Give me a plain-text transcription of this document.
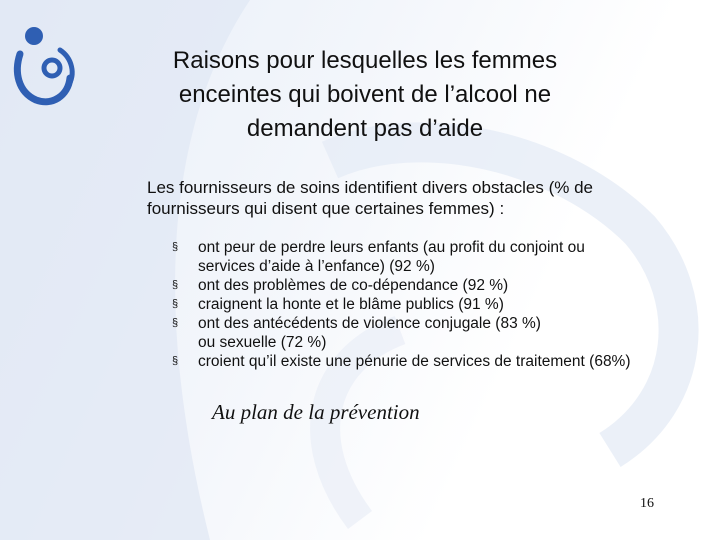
Raisons pour lesquelles les femmes
enceintes qui boivent de l’alcool ne
demandent pas d’aide
Les fournisseurs de soins identifient divers obstacles (% de
fournisseurs qui disent que certaines femmes) :
§	ont peur de perdre leurs enfants (au profit du conjoint ou
services d’aide à l’enfance) (92 %)
§	ont des problèmes de co-dépendance (92 %)
§	craignent la honte et le blâme publics (91 %)
§	ont des antécédents de violence conjugale (83 %)
ou sexuelle (72 %)
§	croient qu’il existe une pénurie de services de traitement (68%)
Au plan de la prévention
16
